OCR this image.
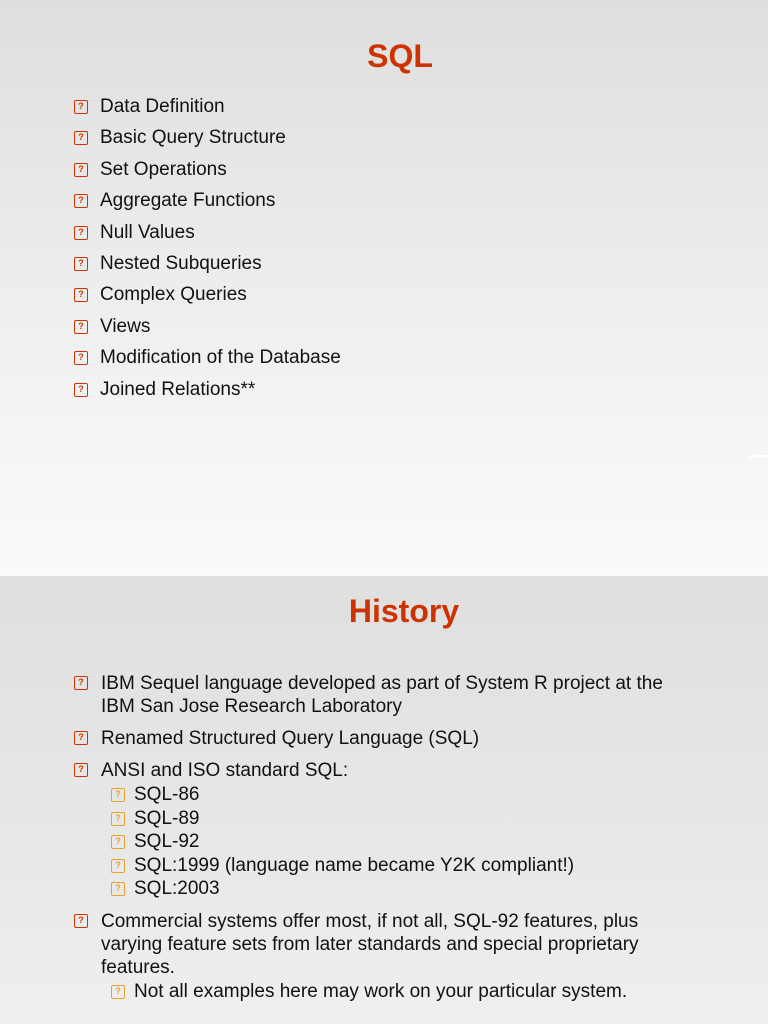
SQL
? Data Definition
? Basic Query Structure
? Set Operations
? Aggregate Functions
? Null Values
? Nested Subqueries
? Complex Queries
? Views
? Modification of the Database
? Joined Relations**
History
? IBM Sequel language developed as part of System R project at the IBM San Jose Research Laboratory
? Renamed Structured Query Language (SQL)
? ANSI and ISO standard SQL:
? SQL-86
? SQL-89
? SQL-92
? SQL:1999 (language name became Y2K compliant!)
? SQL:2003
? Commercial systems offer most, if not all, SQL-92 features, plus varying feature sets from later standards and special proprietary features.
? Not all examples here may work on your particular system.
